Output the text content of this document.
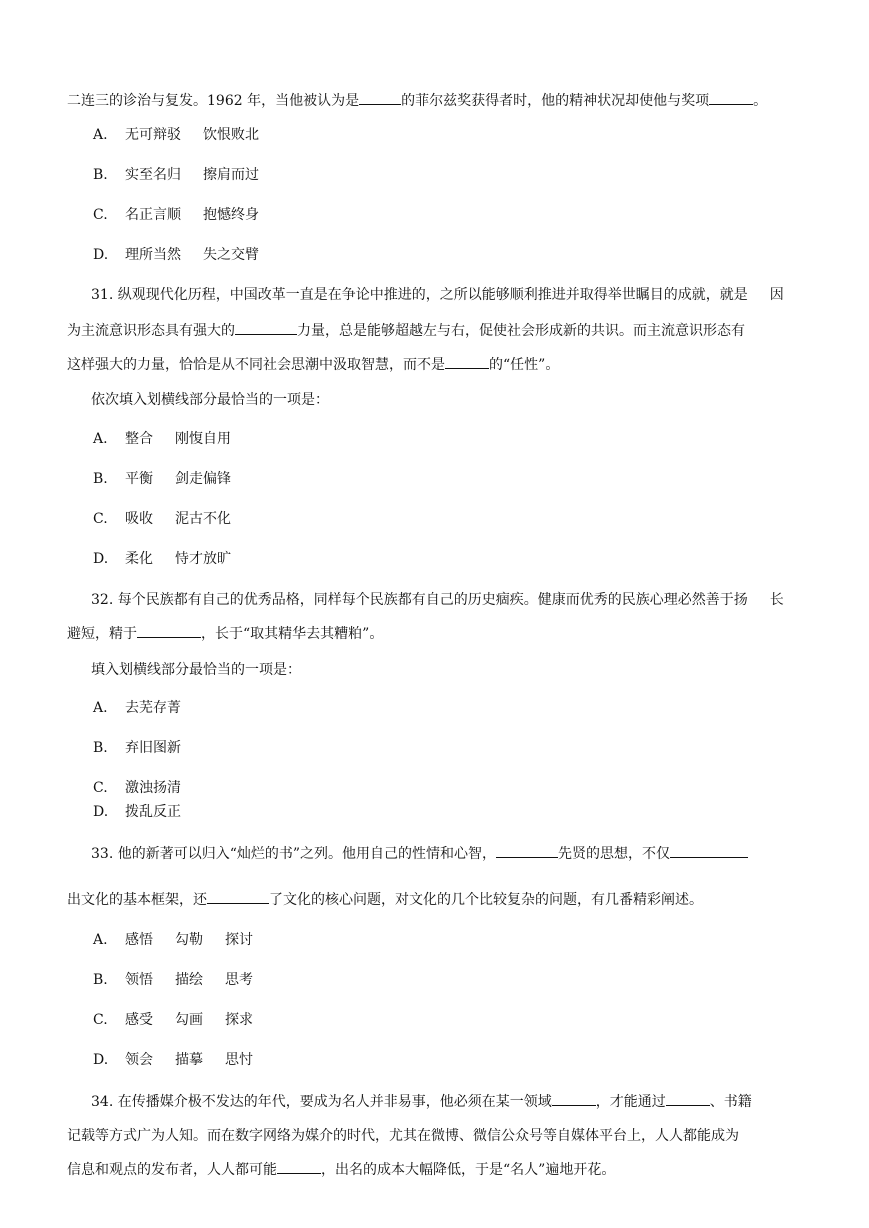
二连三的诊治与复发。1962 年，当他被认为是	的菲尔兹奖获得者时，他的精神状况却使他与奖项	。
A. 无可辩驳 饮恨败北
B. 实至名归 擦肩而过
C. 名正言顺 抱憾终身
D. 理所当然 失之交臂
31. 纵观现代化历程，中国改革一直是在争论中推进的，之所以能够顺利推进并取得举世瞩目的成就，就是 因
为主流意识形态具有强大的	力量，总是能够超越左与右，促使社会形成新的共识。而主流意识形态有
这样强大的力量，恰恰是从不同社会思潮中汲取智慧，而不是	的“任性”。
依次填入划横线部分最恰当的一项是：
A. 整合 刚愎自用
B. 平衡 剑走偏锋
C. 吸收 泥古不化
D. 柔化 恃才放旷
32. 每个民族都有自己的优秀品格，同样每个民族都有自己的历史痼疾。健康而优秀的民族心理必然善于扬 长
避短，精于	，长于“取其精华去其糟粕”。
填入划横线部分最恰当的一项是：
A. 去芜存菁
B. 弃旧图新
C. 激浊扬清
D. 拨乱反正
33. 他的新著可以归入“灿烂的书”之列。他用自己的性情和心智，	先贤的思想，不仅
出文化的基本框架，还	了文化的核心问题，对文化的几个比较复杂的问题，有几番精彩阐述。
A. 感悟 勾勒 探讨
B. 领悟 描绘 思考
C. 感受 勾画 探求
D. 领会 描摹 思忖
34. 在传播媒介极不发达的年代，要成为名人并非易事，他必须在某一领域	，才能通过	、书籍
记载等方式广为人知。而在数字网络为媒介的时代，尤其在微博、微信公众号等自媒体平台上，人人都能成为
信息和观点的发布者，人人都可能	，出名的成本大幅降低，于是“名人”遍地开花。
